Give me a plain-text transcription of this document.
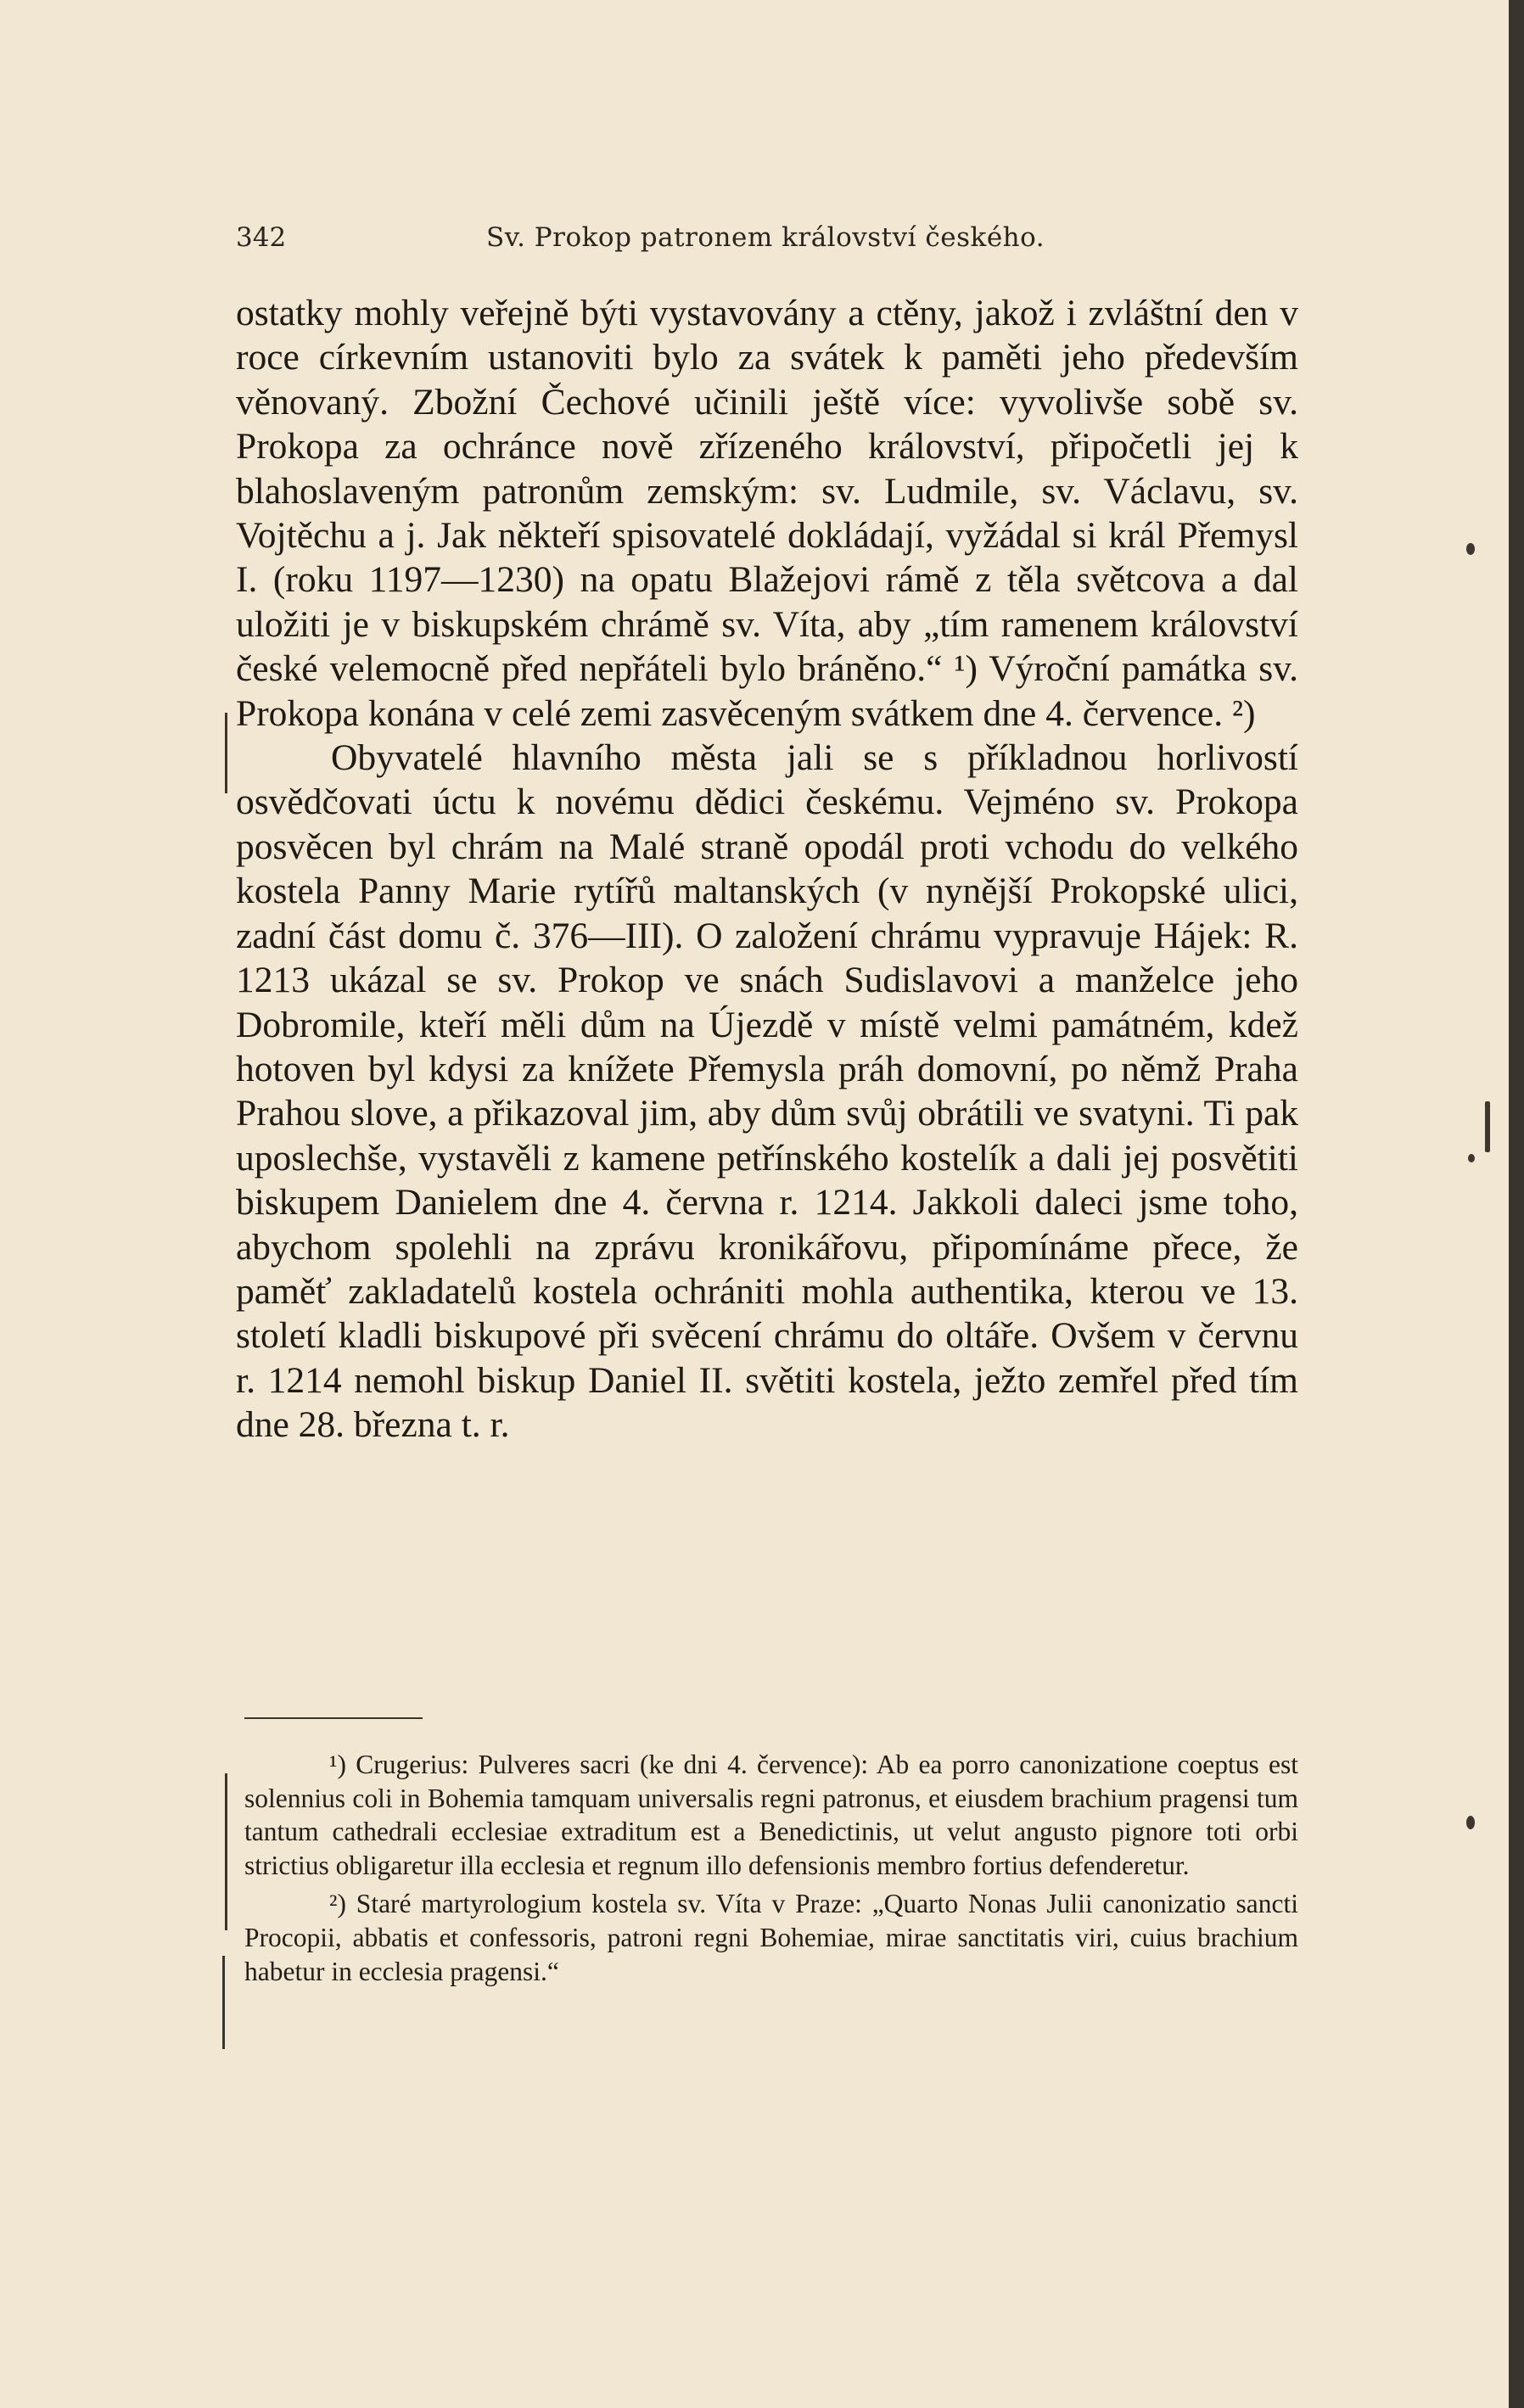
342	Sv. Prokop patronem království českého.

ostatky mohly veřejně býti vystavovány a ctěny, jakož i zvláštní den v roce církevním ustanoviti bylo za svátek k paměti jeho především věnovaný. Zbožní Čechové učinili ještě více: vyvolivše sobě sv. Prokopa za ochránce nově zřízeného království, připočetli jej k blahoslaveným patronům zemským: sv. Ludmile, sv. Václavu, sv. Vojtěchu a j. Jak někteří spisovatelé dokládají, vyžádal si král Přemysl I. (roku 1197—1230) na opatu Blažejovi rámě z těla světcova a dal uložiti je v biskupském chrámě sv. Víta, aby „tím ramenem království české velemocně před nepřáteli bylo bráněno.“ ¹) Výroční památka sv. Prokopa konána v celé zemi zasvěceným svátkem dne 4. července. ²)

Obyvatelé hlavního města jali se s příkladnou horlivostí osvědčovati úctu k novému dědici českému. Vejméno sv. Prokopa posvěcen byl chrám na Malé straně opodál proti vchodu do velkého kostela Panny Marie rytířů maltanských (v nynější Prokopské ulici, zadní část domu č. 376—III). O založení chrámu vypravuje Hájek: R. 1213 ukázal se sv. Prokop ve snách Sudislavovi a manželce jeho Dobromile, kteří měli dům na Újezdě v místě velmi památném, kdež hotoven byl kdysi za knížete Přemysla práh domovní, po němž Praha Prahou slove, a přikazoval jim, aby dům svůj obrátili ve svatyni. Ti pak uposlechše, vystavěli z kamene petřínského kostelík a dali jej posvětiti biskupem Danielem dne 4. června r. 1214. Jakkoli daleci jsme toho, abychom spolehli na zprávu kronikářovu, připomínáme přece, že paměť zakladatelů kostela ochrániti mohla authentika, kterou ve 13. století kladli biskupové při svěcení chrámu do oltáře. Ovšem v červnu r. 1214 nemohl biskup Daniel II. světiti kostela, ježto zemřel před tím dne 28. března t. r.

¹) Crugerius: Pulveres sacri (ke dni 4. července): Ab ea porro canonizatione coeptus est solennius coli in Bohemia tamquam universalis regni patronus, et eiusdem brachium pragensi tum tantum cathedrali ecclesiae extraditum est a Benedictinis, ut velut angusto pignore toti orbi strictius obligaretur illa ecclesia et regnum illo defensionis membro fortius defenderetur.

²) Staré martyrologium kostela sv. Víta v Praze: „Quarto Nonas Julii canonizatio sancti Procopii, abbatis et confessoris, patroni regni Bohemiae, mirae sanctitatis viri, cuius brachium habetur in ecclesia pragensi.“
